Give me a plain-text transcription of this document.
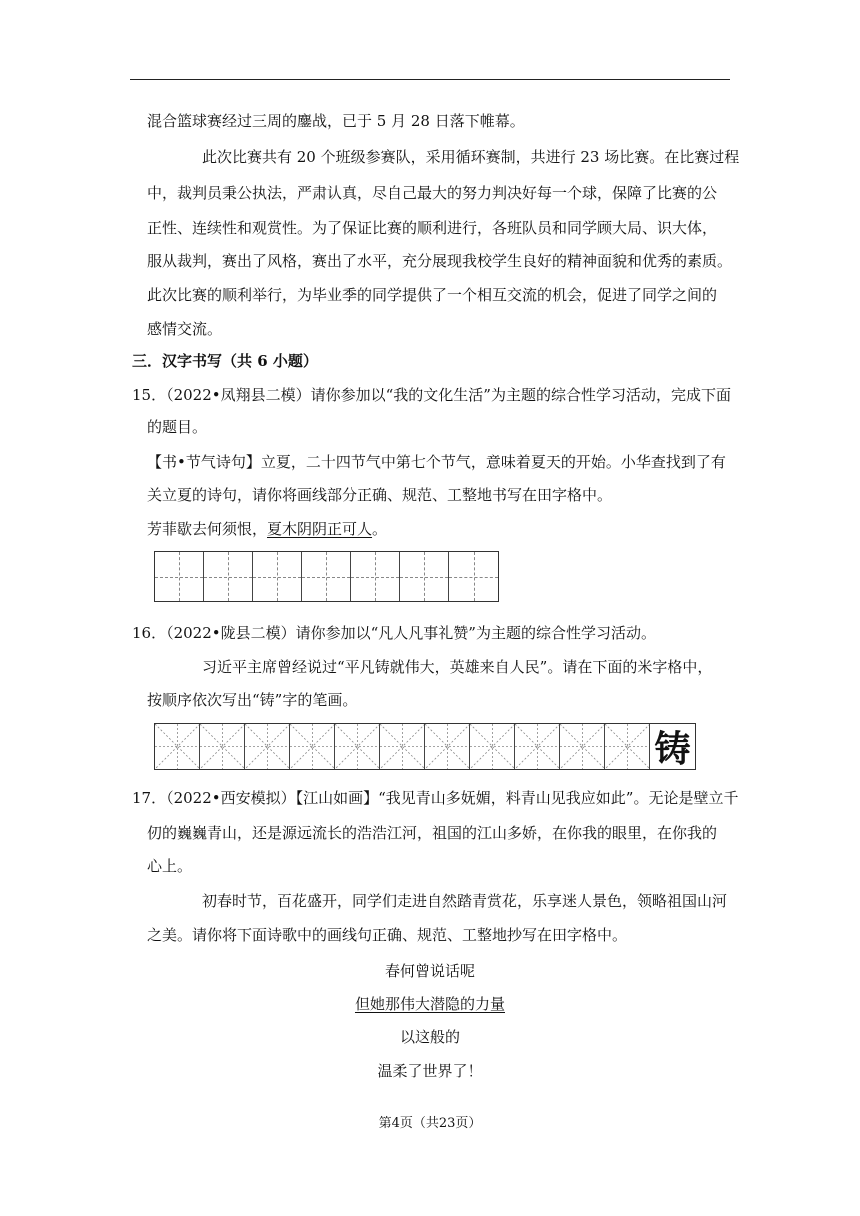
混合篮球赛经过三周的鏖战，已于 5 月 28 日落下帷幕。
此次比赛共有 20 个班级参赛队，采用循环赛制，共进行 23 场比赛。在比赛过程
中，裁判员秉公执法，严肃认真，尽自己最大的努力判决好每一个球，保障了比赛的公
正性、连续性和观赏性。为了保证比赛的顺利进行，各班队员和同学顾大局、识大体，
服从裁判，赛出了风格，赛出了水平，充分展现我校学生良好的精神面貌和优秀的素质。
此次比赛的顺利举行，为毕业季的同学提供了一个相互交流的机会，促进了同学之间的
感情交流。
三．汉字书写（共 6 小题）
15．（2022•凤翔县二模）请你参加以“我的文化生活”为主题的综合性学习活动，完成下面
的题目。
【书•节气诗句】立夏，二十四节气中第七个节气，意味着夏天的开始。小华查找到了有
关立夏的诗句，请你将画线部分正确、规范、工整地书写在田字格中。
芳菲歇去何须恨，夏木阴阴正可人。
16．（2022•陇县二模）请你参加以“凡人凡事礼赞”为主题的综合性学习活动。
习近平主席曾经说过“平凡铸就伟大，英雄来自人民”。请在下面的米字格中，
按顺序依次写出“铸”字的笔画。
铸
17．（2022•西安模拟）【江山如画】“我见青山多妩媚，料青山见我应如此”。无论是壁立千
仞的巍巍青山，还是源远流长的浩浩江河，祖国的江山多娇，在你我的眼里，在你我的
心上。
初春时节，百花盛开，同学们走进自然踏青赏花，乐享迷人景色，领略祖国山河
之美。请你将下面诗歌中的画线句正确、规范、工整地抄写在田字格中。
春何曾说话呢
但她那伟大潜隐的力量
以这般的
温柔了世界了！
第4页（共23页）
